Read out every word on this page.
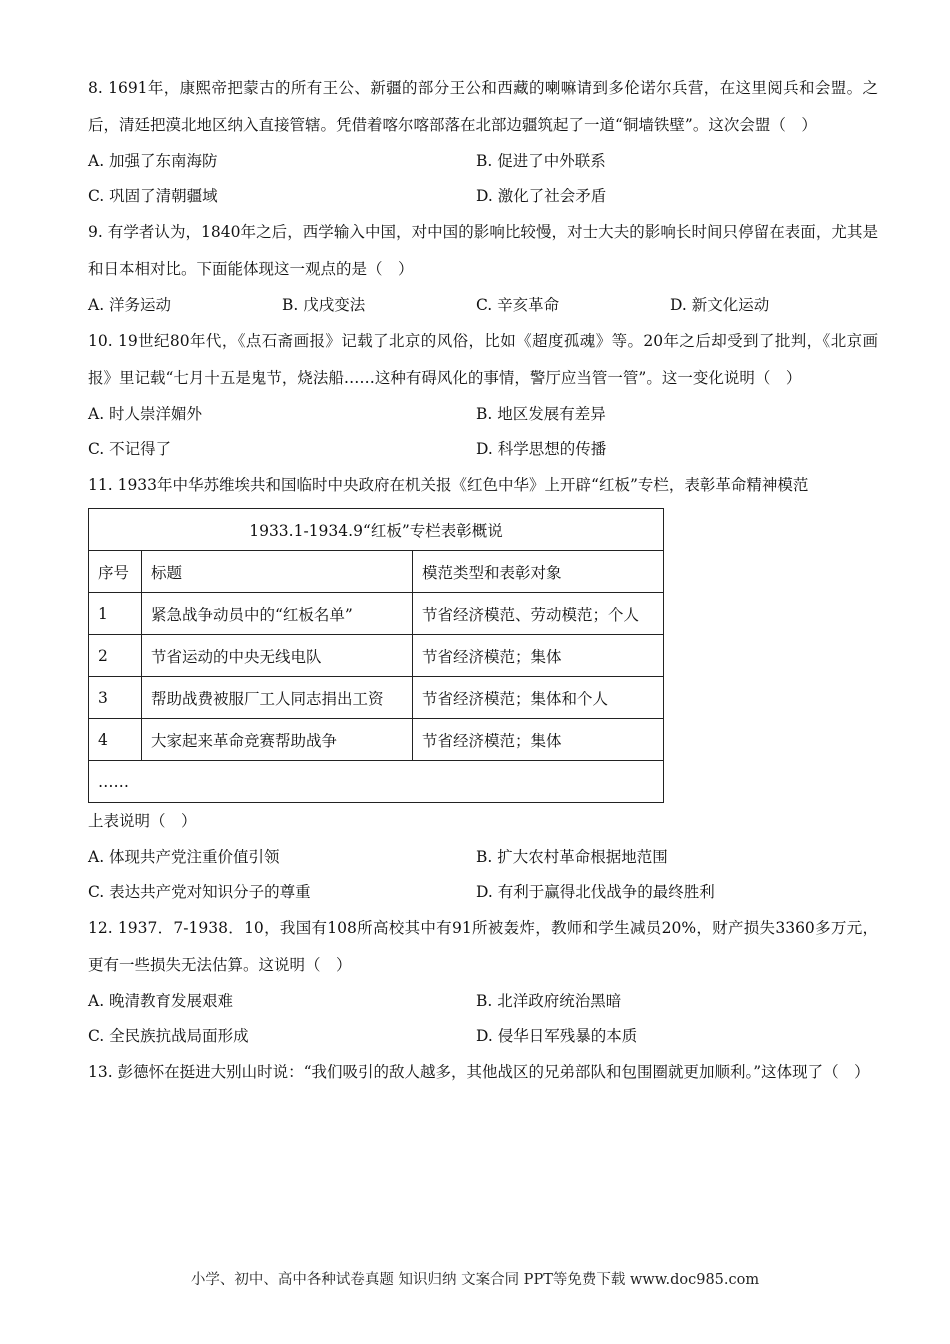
8. 1691年，康熙帝把蒙古的所有王公、新疆的部分王公和西藏的喇嘛请到多伦诺尔兵营，在这里阅兵和会盟。之后，清廷把漠北地区纳入直接管辖。凭借着喀尔喀部落在北部边疆筑起了一道“铜墙铁壁”。这次会盟（　）

A. 加强了东南海防	B. 促进了中外联系
C. 巩固了清朝疆域	D. 激化了社会矛盾

9. 有学者认为，1840年之后，西学输入中国，对中国的影响比较慢，对士大夫的影响长时间只停留在表面，尤其是和日本相对比。下面能体现这一观点的是（　）

A. 洋务运动	B. 戊戌变法	C. 辛亥革命	D. 新文化运动

10. 19世纪80年代，《点石斋画报》记载了北京的风俗，比如《超度孤魂》等。20年之后却受到了批判，《北京画报》里记载“七月十五是鬼节，烧法船……这种有碍风化的事情，警厅应当管一管”。这一变化说明（　）

A. 时人崇洋媚外	B. 地区发展有差异
C. 不记得了	D. 科学思想的传播

11. 1933年中华苏维埃共和国临时中央政府在机关报《红色中华》上开辟“红板”专栏，表彰革命精神模范

1933.1-1934.9“红板”专栏表彰概说		
序号	标题	模范类型和表彰对象
1	紧急战争动员中的“红板名单”	节省经济模范、劳动模范；个人
2	节省运动的中央无线电队	节省经济模范；集体
3	帮助战费被服厂工人同志捐出工资	节省经济模范；集体和个人
4	大家起来革命竞赛帮助战争	节省经济模范；集体
……		

上表说明（　）

A. 体现共产党注重价值引领	B. 扩大农村革命根据地范围
C. 表达共产党对知识分子的尊重	D. 有利于赢得北伐战争的最终胜利

12. 1937．7-1938．10，我国有108所高校其中有91所被轰炸，教师和学生减员20%，财产损失3360多万元，更有一些损失无法估算。这说明（　）

A. 晚清教育发展艰难	B. 北洋政府统治黑暗
C. 全民族抗战局面形成	D. 侵华日军残暴的本质

13. 彭德怀在挺进大别山时说：“我们吸引的敌人越多，其他战区的兄弟部队和包围圈就更加顺利。”这体现了（　）

小学、初中、高中各种试卷真题 知识归纳 文案合同 PPT等免费下载 www.doc985.com
